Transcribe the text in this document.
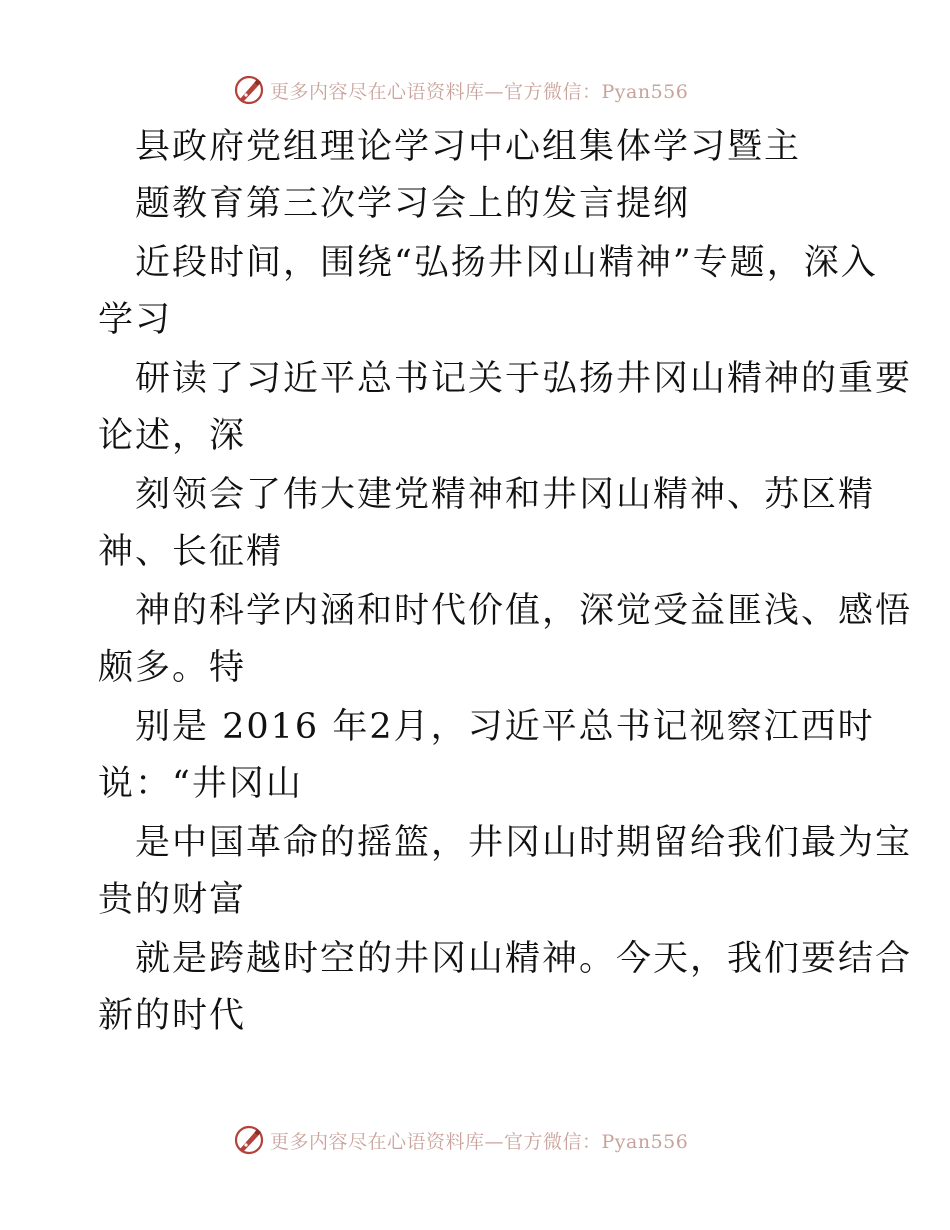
更多内容尽在心语资料库—官方微信：Pyan556
县政府党组理论学习中心组集体学习暨主
题教育第三次学习会上的发言提纲
近段时间，围绕“弘扬井冈山精神”专题，深入
学习
研读了习近平总书记关于弘扬井冈山精神的重要
论述，深
刻领会了伟大建党精神和井冈山精神、苏区精
神、长征精
神的科学内涵和时代价值，深觉受益匪浅、感悟
颇多。特
别是 2016 年2月，习近平总书记视察江西时
说：“井冈山
是中国革命的摇篮，井冈山时期留给我们最为宝
贵的财富
就是跨越时空的井冈山精神。今天，我们要结合
新的时代
更多内容尽在心语资料库—官方微信：Pyan556
